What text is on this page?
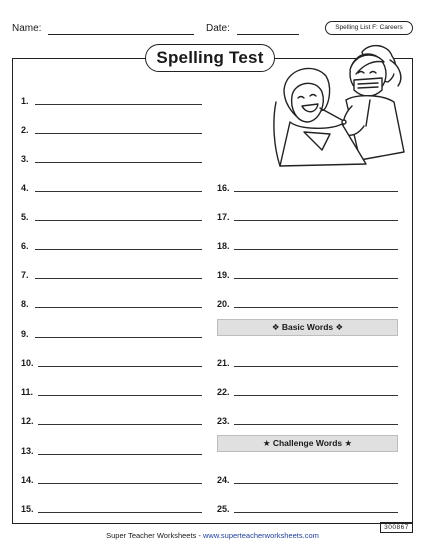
Name:	Date:	Spelling List F: Careers
Spelling Test
1.
2.
3.
4.
5.
6.
7.
8.
9.
10.
11.
12.
13.
14.
15.
16.
17.
18.
19.
20.
21.
22.
23.
24.
25.
❖ Basic Words ❖
★ Challenge Words ★
Super Teacher Worksheets - www.superteacherworksheets.com
300867
